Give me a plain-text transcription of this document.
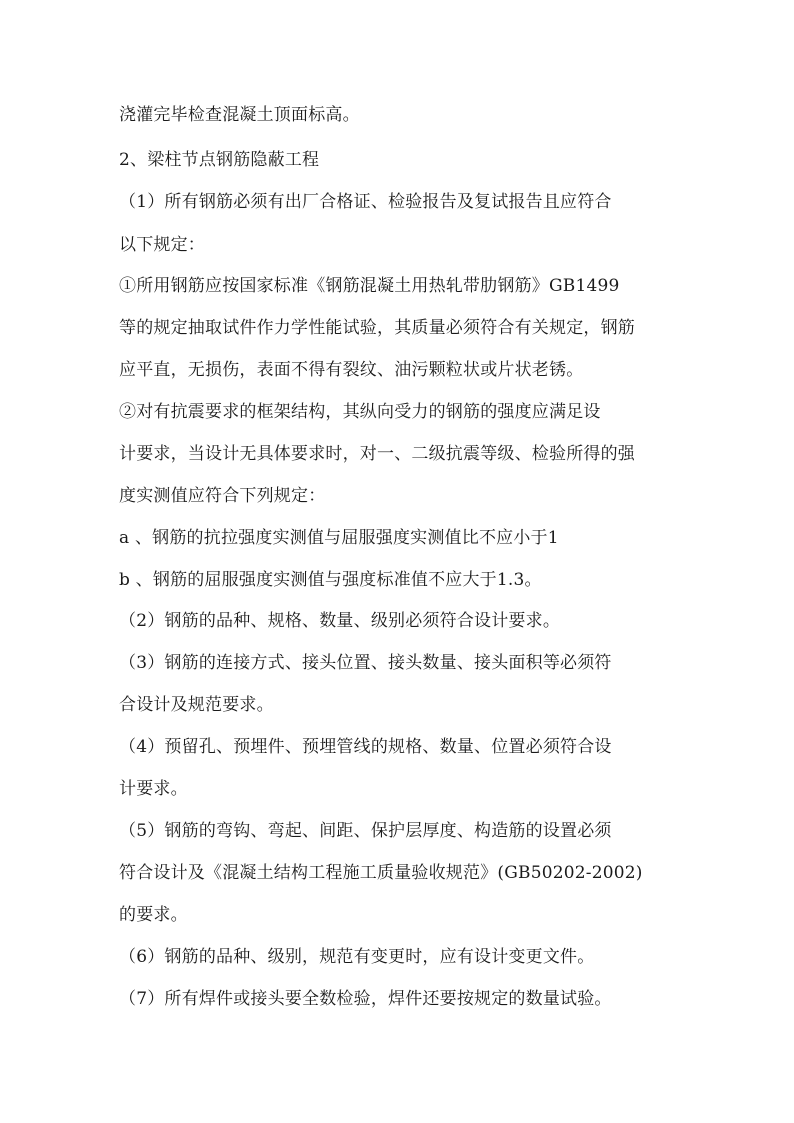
浇灌完毕检查混凝土顶面标高。
2、梁柱节点钢筋隐蔽工程
（1）所有钢筋必须有出厂合格证、检验报告及复试报告且应符合
以下规定：
①所用钢筋应按国家标准《钢筋混凝土用热轧带肋钢筋》GB1499
等的规定抽取试件作力学性能试验，其质量必须符合有关规定，钢筋
应平直，无损伤，表面不得有裂纹、油污颗粒状或片状老锈。
②对有抗震要求的框架结构，其纵向受力的钢筋的强度应满足设
计要求，当设计无具体要求时，对一、二级抗震等级、检验所得的强
度实测值应符合下列规定：
a 、钢筋的抗拉强度实测值与屈服强度实测值比不应小于1
b 、钢筋的屈服强度实测值与强度标准值不应大于1.3。
（2）钢筋的品种、规格、数量、级别必须符合设计要求。
（3）钢筋的连接方式、接头位置、接头数量、接头面积等必须符
合设计及规范要求。
（4）预留孔、预埋件、预埋管线的规格、数量、位置必须符合设
计要求。
（5）钢筋的弯钩、弯起、间距、保护层厚度、构造筋的设置必须
符合设计及《混凝土结构工程施工质量验收规范》(GB50202-2002)
的要求。
（6）钢筋的品种、级别，规范有变更时，应有设计变更文件。
（7）所有焊件或接头要全数检验，焊件还要按规定的数量试验。
